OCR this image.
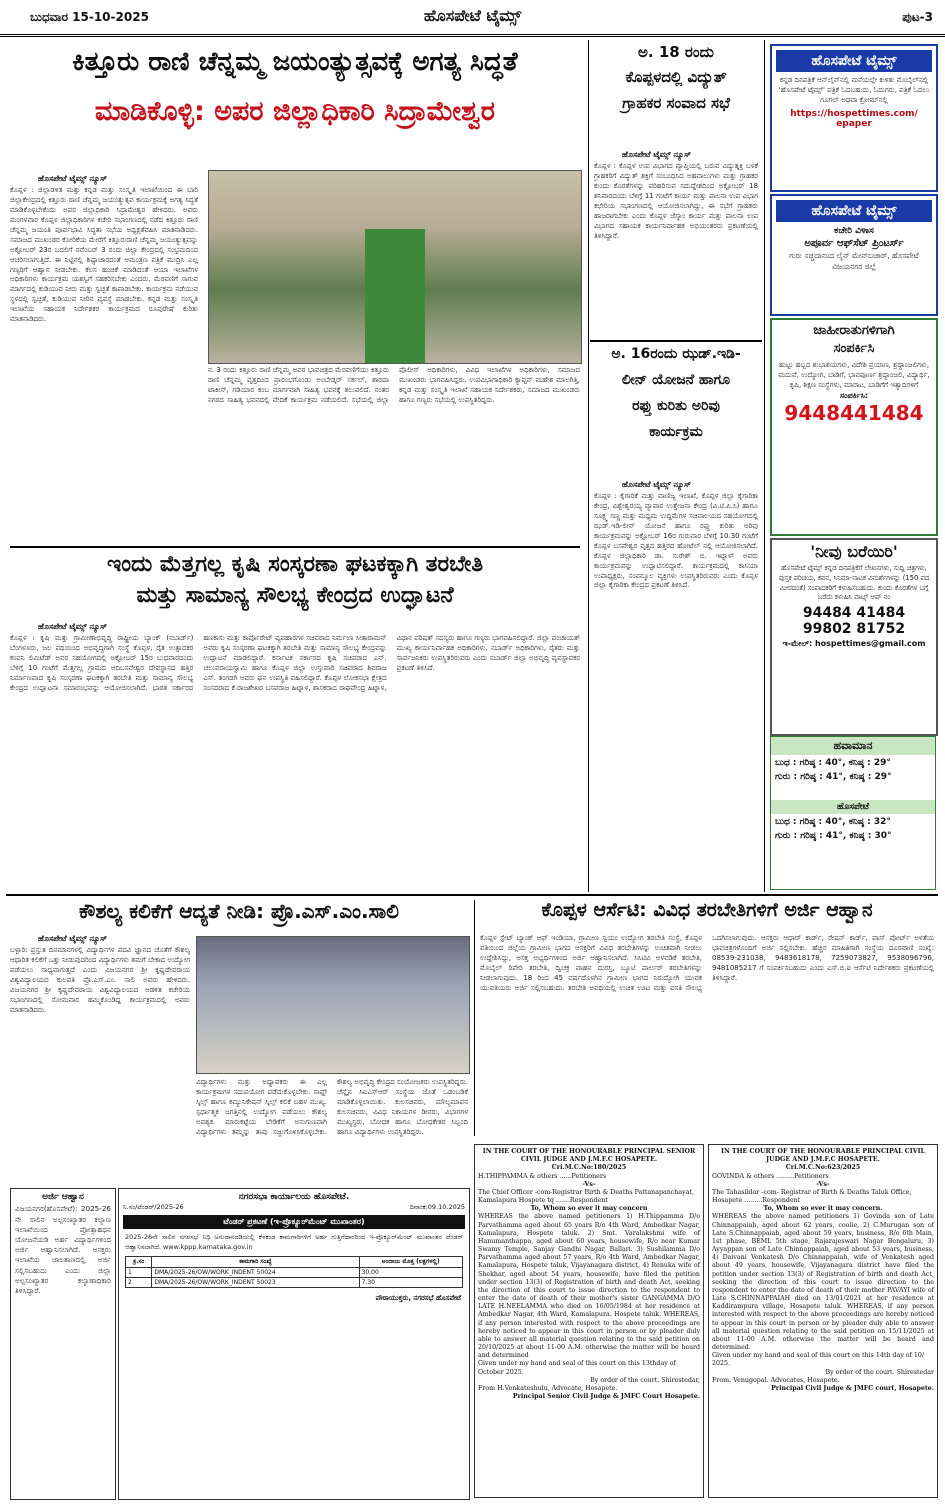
ಬುಧವಾರ 15-10-2025	ಹೊಸಪೇಟೆ ಟೈಮ್ಸ್	ಪುಟ-3
ಕಿತ್ತೂರು ರಾಣಿ ಚೆನ್ನಮ್ಮ ಜಯಂತ್ಯುತ್ಸವಕ್ಕೆ ಅಗತ್ಯ ಸಿದ್ಧತೆ
ಮಾಡಿಕೊಳ್ಳಿ: ಅಪರ ಜಿಲ್ಲಾಧಿಕಾರಿ ಸಿದ್ರಾಮೇಶ್ವರ
ಹೊಸಪೇಟೆ ಟೈಮ್ಸ್ ನ್ಯೂಸ್
ಕೊಪ್ಪಳ : ಜಿಲ್ಲಾಡಳಿತ ಮತ್ತು ಕನ್ನಡ ಮತ್ತು ಸಂಸ್ಕೃತಿ ಇಲಾಖೆಯಿಂದ ಈ ಬಾರಿ ಜಿಲ್ಲಾಕೇಂದ್ರದಲ್ಲಿ ಕಿತ್ತೂರು ರಾಣಿ ಚೆನ್ನಮ್ಮ ಜಯಂತ್ಯುತ್ಸವ ಕಾರ್ಯಕ್ರಮಕ್ಕೆ ಅಗತ್ಯ ಸಿದ್ಧತೆ ಮಾಡಿಕೊಳ್ಳಬೇಕೆಂದು ಅಪರ ಜಿಲ್ಲಾಧಿಕಾರಿ ಸಿದ್ರಾಮೇಶ್ವರ ಹೇಳಿದರು. ಅವರು ಮಂಗಳವಾರ ಕೊಪ್ಪಳ ಜಿಲ್ಲಾಧಿಕಾರಿಗಳ ಕಚೇರಿ ಸಭಾಂಗಣದಲ್ಲಿ ನಡೆದ ಕಿತ್ತೂರು ರಾಣಿ ಚೆನ್ನಮ್ಮ ಜಯಂತಿ ಪೂರ್ವಭಾವಿ ಸಿದ್ಧತಾ ಸಭೆಯ ಅಧ್ಯಕ್ಷತೆವಹಿಸಿ ಮಾತನಾಡಿದರು. ಸಮಾಜದ ಮುಖಂಡರ ಕೋರಿಕೆಯ ಮೇರೆಗೆ ಕಿತ್ತೂರುರಾಣಿ ಚೆನ್ನಮ್ಮ ಜಯಂತ್ಯುತ್ಸವನ್ನು ಅಕ್ಟೋಬರ್ 23ರ ಬದಲಿಗೆ ನವೆಂಬರ್ 3 ರಂದು ಜಿಲ್ಲಾ ಕೇಂದ್ರದಲ್ಲಿ ಸಂಭ್ರಮದಿಂದ ಆಚರಿಸಲಾಗುತ್ತಿದೆ. ಈ ನಿಟ್ಟಿನಲ್ಲಿ ಶಿಷ್ಟಾಚಾರದಂತೆ ಆಮಂತ್ರಣ ಪತ್ರಿಕೆ ಮುದ್ರಿಸಿ ಎಲ್ಲ ಗಣ್ಯರಿಗೆ ಆಹ್ವಾನ ನೀಡಬೇಕು. ಕೆಲಸ ಹಂಚಿಕೆ ಮಾಡಿದಂತೆ ಆಯಾ ಇಲಾಖೆಗಳ ಅಧಿಕಾರಿಗಳು ಕಾರ್ಯಕ್ರಮ ಯಶಸ್ವಿಗೆ ಸಹಕರಿಸಬೇಕು ಎಂದರು. ಮೆರವಣಿಗೆ ಸಾಗುವ ಮಾರ್ಗದಲ್ಲಿ ಕುಡಿಯುವ ನೀರು ಮತ್ತು ಸ್ವಚ್ಛತೆ ಕಾಪಾಡಬೇಕು. ಕಾರ್ಯಕ್ರಮ ನಡೆಯುವ ಸ್ಥಳದಲ್ಲಿ ಸ್ವಚ್ಛತೆ, ಕುಡಿಯುವ ನೀರಿನ ವ್ಯವಸ್ಥೆ ಮಾಡಬೇಕು. ಕನ್ನಡ ಮತ್ತು ಸಂಸ್ಕೃತಿ ಇಲಾಖೆಯ ಸಹಾಯಕ ನಿರ್ದೇಶಕರ ಕಾರ್ಯಕ್ರಮದ ರೂಪುರೇಷೆ ಕುರಿತು ಮಾತನಾಡಿದರು.
ನ. 3 ರಂದು ಕಿತ್ತೂರು ರಾಣಿ ಚೆನ್ನಮ್ಮ ಅವರ ಭಾವಚಿತ್ರದ ಮೆರವಣಿಗೆಯು ಕಿತ್ತೂರು ರಾಣಿ ಚೆನ್ನಮ್ಮ ವೃತ್ತದಿಂದ ಪ್ರಾರಂಭಗೊಂಡು ಅಂಬೇಡ್ಕರ್ ಸರ್ಕಲ್, ಶಾರದಾ ಟಾಕೀಸ್, ಗಡಿಯಾರ ಕಂಬ ಮಾರ್ಗವಾಗಿ ಸಾಹಿತ್ಯ ಭವನಕ್ಕೆ ತಲುಪಲಿದೆ. ನಂತರ ನಗರದ ಸಾಹಿತ್ಯ ಭವನದಲ್ಲಿ ವೇದಿಕೆ ಕಾರ್ಯಕ್ರಮ ನಡೆಯಲಿದೆ. ಸಭೆಯಲ್ಲಿ ಜಿಲ್ಲಾ ಪೊಲೀಸ್ ಅಧಿಕಾರಿಗಳು, ವಿವಿಧ ಇಲಾಖೆಗಳ ಅಧಿಕಾರಿಗಳು, ಸಮಾಜದ ಮುಖಂಡರು ಭಾಗವಹಿಸಿದ್ದರು. ಉಪವಿಭಾಗಾಧಿಕಾರಿ ಕ್ಯಾಪ್ಟನ್ ಮಹೇಶ ಮಾಲಗಿತ್ತಿ, ಕನ್ನಡ ಮತ್ತು ಸಂಸ್ಕೃತಿ ಇಲಾಖೆ ಸಹಾಯಕ ನಿರ್ದೇಶಕರು, ಸಮಾಜದ ಮುಖಂಡರು ಹಾಗೂ ಗಣ್ಯರು ಸಭೆಯಲ್ಲಿ ಉಪಸ್ಥಿತರಿದ್ದರು.
ಇಂದು ಮೆತ್ತಗಲ್ಲ ಕೃಷಿ ಸಂಸ್ಕರಣಾ ಘಟಕಕ್ಕಾಗಿ ತರಬೇತಿ
ಮತ್ತು ಸಾಮಾನ್ಯ ಸೌಲಭ್ಯ ಕೇಂದ್ರದ ಉದ್ಘಾಟನೆ
ಹೊಸಪೇಟೆ ಟೈಮ್ಸ್ ನ್ಯೂಸ್
ಕೊಪ್ಪಳ : ಕೃಷಿ ಮತ್ತು ಗ್ರಾಮೀಣಾಭಿವೃದ್ಧಿ ರಾಷ್ಟ್ರೀಯ ಬ್ಯಾಂಕ್ (ನಬಾರ್ಡ್) ಬೆಂಗಳೂರು, ಜಲ ಪಥಿಯಿಂದ ಅಭಿವೃದ್ಧಿಗಾಗಿ ಸಂಸ್ಥೆ ಕೊಪ್ಪಳ, ರೈತ ಉತ್ಪಾದಕರ ಕಂಪನಿ ಲಿಮಿಟೆಡ್ ಅವರ ಸಹಯೋಗದಲ್ಲಿ ಅಕ್ಟೋಬರ್ 15ರ ಬುಧವಾರದಂದು ಬೆಳಿಗ್ಗೆ 10 ಗಂಟೆಗೆ ಮೆತ್ತಗಲ್ಲ ಗ್ರಾಮದ ಆದಿಬಸವೇಶ್ವರ ದೇವಸ್ಥಾನದ ಹತ್ತಿರ ನಿರ್ಮಾಣವಾದ ಕೃಷಿ ಸಂಸ್ಕರಣಾ ಘಟಕಕ್ಕಾಗಿ ತರಬೇತಿ ಮತ್ತು ಸಾಮಾನ್ಯ ಸೌಲಭ್ಯ ಕೇಂದ್ರದ ಉದ್ಘಾಟನಾ ಸಮಾರಂಭವನ್ನು ಆಯೋಜಿಸಲಾಗಿದೆ. ಭಾರತ ಸರ್ಕಾರದ ಹಣಕಾಸು ಮತ್ತು ಕಾರ್ಪೊರೇಟ್ ವ್ಯವಹಾರಗಳ ಸಚಿವರಾದ ನಿರ್ಮಲಾ ಸೀತಾರಾಮನ್ ಅವರು ಕೃಷಿ ಸಂಸ್ಕರಣಾ ಘಟಕಕ್ಕಾಗಿ ತರಬೇತಿ ಮತ್ತು ಸಾಮಾನ್ಯ ಸೌಲಭ್ಯ ಕೇಂದ್ರವನ್ನು ಉದ್ಘಾಟನೆ ಮಾಡಲಿದ್ದಾರೆ. ಕರ್ನಾಟಕ ಸರ್ಕಾರದ ಕೃಷಿ ಸಚಿವರಾದ ಎನ್. ಚಲುವರಾಯಸ್ವಾಮಿ ಹಾಗೂ ಕೊಪ್ಪಳ ಜಿಲ್ಲಾ ಉಸ್ತುವಾರಿ ಸಚಿವರಾದ ಶಿವರಾಜ ಎಸ್. ತಂಗಡಗಿ ಅವರು ಘನ ಉಪಸ್ಥಿತಿ ವಹಿಸಲಿದ್ದಾರೆ. ಕೊಪ್ಪಳ ಲೋಕಸಭಾ ಕ್ಷೇತ್ರದ ಸಂಸದರಾದ ಕೆ.ರಾಜಶೇಖರ ಬಸವರಾಜ ಹಿಟ್ನಾಳ, ಶಾಸಕರಾದ ರಾಘವೇಂದ್ರ ಹಿಟ್ನಾಳ, ವಿಧಾನ ಪರಿಷತ್ ಸದಸ್ಯರು ಹಾಗೂ ಗಣ್ಯರು ಭಾಗವಹಿಸಲಿದ್ದಾರೆ. ಜಿಲ್ಲಾ ಪಂಚಾಯತ್ ಮುಖ್ಯ ಕಾರ್ಯನಿರ್ವಾಹಕ ಅಧಿಕಾರಿಗಳು, ನಬಾರ್ಡ್ ಅಧಿಕಾರಿಗಳು, ರೈತರು ಮತ್ತು ಸಾರ್ವಜನಿಕರು ಉಪಸ್ಥಿತರಿರುವರು ಎಂದು ನಬಾರ್ಡ್ ಜಿಲ್ಲಾ ಅಭಿವೃದ್ಧಿ ವ್ಯವಸ್ಥಾಪಕರ ಪ್ರಕಟಣೆ ತಿಳಿಸಿದೆ.
ಅ. 18 ರಂದು
ಕೊಪ್ಪಳದಲ್ಲಿ ವಿದ್ಯುತ್
ಗ್ರಾಹಕರ ಸಂವಾದ ಸಭೆ
ಹೊಸಪೇಟೆ ಟೈಮ್ಸ್ ನ್ಯೂಸ್
ಕೊಪ್ಪಳ : ಕೊಪ್ಪಳ ಉಪ ವಿಭಾಗದ ವ್ಯಾಪ್ತಿಯಲ್ಲಿ ಬರುವ ವಿದ್ಯುತ್ಶಕ್ತಿ ಬಳಕೆ ಗ್ರಾಹಕರಿಗೆ ವಿದ್ಯುತ್ ಶಕ್ತಿಗೆ ಸಂಬಂಧಿಸಿದ ಅಹವಾಲುಗಳು ಮತ್ತು ಗ್ರಾಹಕರ ಕುಂದು ಕೊರತೆಗಳನ್ನು ಪರಿಹರಿಸುವ ಸದುದ್ದೇಶದಿಂದ ಅಕ್ಟೋಬರ್ 18 ಶನಿವಾರದಂದು ಬೆಳಿಗ್ಗೆ 11 ಗಂಟೆಗೆ ಕಾರ್ಯ ಮತ್ತು ಪಾಲನಾ ಉಪ ವಿಭಾಗ ಕಛೇರಿಯ ಸಭಾಂಗಣದಲ್ಲಿ ಆಯೋಜಿಸಲಾಗಿದ್ದು, ಈ ಸಭೆಗೆ ಗ್ರಾಹಕರು ಹಾಜರಾಗಬೇಕು ಎಂದು ಕೊಪ್ಪಳ ಜೆಸ್ಕಾಂ ಕಾರ್ಯ ಮತ್ತು ಪಾಲನಾ ಉಪ ವಿಭಾಗದ ಸಹಾಯಕ ಕಾರ್ಯನಿರ್ವಾಹಕ ಅಭಿಯಂತರರು ಪ್ರಕಟಣೆಯಲ್ಲಿ ತಿಳಿಸಿದ್ದಾರೆ.
ಅ. 16ರಂದು ಝಡ್.ಇಡಿ-
ಲೀನ್ ಯೋಜನೆ ಹಾಗೂ
ರಫ್ತು ಕುರಿತು ಅರಿವು
ಕಾರ್ಯಕ್ರಮ
ಹೊಸಪೇಟೆ ಟೈಮ್ಸ್ ನ್ಯೂಸ್
ಕೊಪ್ಪಳ : ಕೈಗಾರಿಕೆ ಮತ್ತು ವಾಣಿಜ್ಯ ಇಲಾಖೆ, ಕೊಪ್ಪಳ ಜಿಲ್ಲಾ ಕೈಗಾರಿಕಾ ಕೇಂದ್ರ, ವಿಶ್ವೇಶ್ವರಯ್ಯ ವ್ಯಾಪಾರ ಉತ್ತೇಜನಾ ಕೇಂದ್ರ (ವಿ.ಟಿ.ಪಿ.ಸಿ) ಹಾಗೂ ಸೂಕ್ಷ್ಮ ಸಣ್ಣ ಮತ್ತು ಮಧ್ಯಮ ಉದ್ದಿಮೆಗಳ ಸಚಿವಾಲಯದ ಸಹಯೋಗದಲ್ಲಿ ಝಡ್.ಇಡಿ-ಲೀನ್ ಯೋಜನೆ ಹಾಗೂ ರಫ್ತು ಕುರಿತು ಅರಿವು ಕಾರ್ಯಕ್ರಮವನ್ನು ಅಕ್ಟೋಬರ್ 16ರ ಗುರುವಾರ ಬೆಳಿಗ್ಗೆ 10.30 ಗಂಟೆಗೆ ಕೊಪ್ಪಳ ಬಸವೇಶ್ವರ ವೃತ್ತದ ಹತ್ತಿರದ ಹೋಟೆಲ್ ನಲ್ಲಿ ಆಯೋಜಿಸಲಾಗಿದೆ. ಕೊಪ್ಪಳ ಜಿಲ್ಲಾಧಿಕಾರಿ ಡಾ. ಸುರೇಶ್ ಬಿ. ಇಟ್ನಾಳ್ ಅವರು ಕಾರ್ಯಕ್ರಮವನ್ನು ಉದ್ಘಾಟಿಸಲಿದ್ದಾರೆ. ಕಾರ್ಯಕ್ರಮದಲ್ಲಿ ಕಾಸಿಯಾ ಉಪಾಧ್ಯಕ್ಷರು, ಸಂಪನ್ಮೂಲ ವ್ಯಕ್ತಿಗಳು ಉಪಸ್ಥಿತರಿರುವರು ಎಂದು ಕೊಪ್ಪಳ ಜಿಲ್ಲಾ ಕೈಗಾರಿಕಾ ಕೇಂದ್ರದ ಪ್ರಕಟಣೆ ತಿಳಿಸಿದೆ.
ಹೊಸಪೇಟೆ ಟೈಮ್ಸ್
ಕನ್ನಡ ದಿನಪತ್ರಿಕೆ ಆನ್‌ಲೈನ್‌ನಲ್ಲಿ ಮನೆಯಲ್ಲೇ ಕುಳಿತು ಮೊಬೈಲ್‌ನಲ್ಲಿ 'ಹೊಸಪೇಟೆ ಟೈಮ್ಸ್' ಪತ್ರಿಕೆ ಓದಬಹುದು, ಓದುಗರು, ಪತ್ರಿಕೆ ಓದಲು ಗೂಗಲ್ ಅಥವಾ ಕ್ರೋಮ್‌ನಲ್ಲಿ
https://hospettimes.com/
epaper
ಹೊಸಪೇಟೆ ಟೈಮ್ಸ್
ಕಚೇರಿ ವಿಳಾಸ
ಅಪೂರ್ವ ಆಫ್‌ಸೆಟ್ ಪ್ರಿಂಟರ್ಸ್
ಗುರು ಸಚ್ಚಿದಾನಂದ ಲೈನ್ ಮೇನ್‌ಬಜಾರ್, ಹೊಸಪೇಟೆ ವಿಜಯನಗರ ಜಿಲ್ಲೆ
ಜಾಹೀರಾತುಗಳಿಗಾಗಿ
ಸಂಪರ್ಕಿಸಿ
ಹುಟ್ಟು ಹಬ್ಬದ ಶುಭಾಶಯಗಳು, ವಿದೇಶಿ ಪ್ರಯಾಣ, ಶ್ರದ್ಧಾಂಜಲಿಗಳು, ಮದುವೆ, ಉದ್ಯೋಗ, ಬಾಡಿಗೆ, ಭಾವಪೂರ್ಣ ಶ್ರದ್ಧಾಂಜಲಿ, ವಿದ್ಯಾರ್ಥಿ, ಕೃಷಿ, ಶಿಕ್ಷಣ ಸಂಸ್ಥೆಗಳು, ಮಾರಾಟ, ಬಾಡಿಗೆಗೆ ಇತ್ಯಾದಿಗಳಿಗೆ
ಸಂಪರ್ಕಿಸಿ:
9448441484
'ನೀವು ಬರೆಯಿರಿ'
ಹೊಸಪೇಟೆ ಟೈಮ್ಸ್ ಕನ್ನಡ ದಿನಪತ್ರಿಕೆಗೆ ಲೇಖನಗಳು, ಸುದ್ದಿ ಚಿತ್ರಗಳು, ಪುಸ್ತಕ ಪರಿಚಯ, ಕವನ, ಸಿನಿಮಾ-ನಾಟಕ ವಿಮರ್ಶೆಗಳನ್ನು (150 ಪದ ಮೀರದಂತೆ) ಸಂಪಾದಕರಿಗೆ ಕಳುಹಿಸಬಹುದು. ಕುಂದು ಕೊರತೆಗಳ ಬಗ್ಗೆ ಬರೆದು ಕಳುಹಿಸಿ ವಾಟ್ಸ್ ಆಪ್ ನಂ
94484 41484
99802 81752
ಇ-ಮೇಲ್: hospettimes@gmail.com
ಹವಾಮಾನ
ಬುಧ : ಗರಿಷ್ಠ : 40°, ಕನಿಷ್ಠ : 29°
ಗುರು : ಗರಿಷ್ಠ : 41°, ಕನಿಷ್ಠ : 29°
ಹೊಸಪೇಟೆ
ಬುಧ : ಗರಿಷ್ಠ : 40°, ಕನಿಷ್ಠ : 32°
ಗುರು : ಗರಿಷ್ಠ : 41°, ಕನಿಷ್ಠ : 30°
ಕೌಶಲ್ಯ ಕಲಿಕೆಗೆ ಆದ್ಯತೆ ನೀಡಿ: ಪ್ರೊ.ಎಸ್.ಎಂ.ಸಾಲಿ
ಹೊಸಪೇಟೆ ಟೈಮ್ಸ್ ನ್ಯೂಸ್
ಬಳ್ಳಾರಿ: ಪ್ರಸ್ತುತ ದಿನಮಾನಗಳಲ್ಲಿ ವಿದ್ಯಾರ್ಥಿಗಳ ಪದವಿ ಜ್ಞಾನದ ಜೊತೆಗೆ ಕೌಶಲ್ಯ ಆಧಾರಿತ ಕಲಿಕೆಗೆ ಒತ್ತು ನೀಡುವುದರಿಂದ ವಿದ್ಯಾರ್ಥಿಗಳು ತಮಗೆ ಬೇಕಾದ ಉದ್ಯೋಗ ಪಡೆಯಲು ಸಾಧ್ಯವಾಗುತ್ತದೆ ಎಂದು ವಿಜಯನಗರ ಶ್ರೀ ಕೃಷ್ಣದೇವರಾಯ ವಿಶ್ವವಿದ್ಯಾಲಯದ ಕುಲಪತಿ ಪ್ರೊ.ಎಸ್.ಎಂ. ಸಾಲಿ ಅವರು ಹೇಳಿದರು. ವಿಜಯನಗರ ಶ್ರೀ ಕೃಷ್ಣದೇವರಾಯ ವಿಶ್ವವಿದ್ಯಾಲಯದ ಆಡಳಿತ ಕಚೇರಿಯ ಸಭಾಂಗಣದಲ್ಲಿ ಸೋಮವಾರ ಹಮ್ಮಿಕೊಂಡಿದ್ದ ಕಾರ್ಯಕ್ರಮದಲ್ಲಿ ಅವರು ಮಾತನಾಡಿದರು.
ವಿದ್ಯಾರ್ಥಿಗಳು ಮತ್ತು ಅಧ್ಯಾಪಕರು ಈ ಎಲ್ಲ ಕಾರ್ಯಕ್ರಮಗಳ ಸದುಪಯೋಗ ಪಡೆದುಕೊಳ್ಳಬೇಕು. ಸಾಫ್ಟ್ ಸ್ಕಿಲ್ಸ್ ಹಾಗೂ ಕಮ್ಯುನಿಕೇಷನ್ ಸ್ಕಿಲ್ಸ್ ಕಲಿಕೆ ಬಹಳ ಮುಖ್ಯ. ಸ್ಪರ್ಧಾತ್ಮಕ ಜಗತ್ತಿನಲ್ಲಿ ಉದ್ಯೋಗ ಪಡೆಯಲು ಕೌಶಲ್ಯ ಅವಶ್ಯಕ. ಮಾರುಕಟ್ಟೆಯ ಬೇಡಿಕೆಗೆ ಅನುಗುಣವಾಗಿ ವಿದ್ಯಾರ್ಥಿಗಳು ತಮ್ಮನ್ನು ತಾವು ಸಜ್ಜುಗೊಳಿಸಿಕೊಳ್ಳಬೇಕು. ಕೌಶಲ್ಯ ಅಭಿವೃದ್ಧಿ ಕೇಂದ್ರದ ಸಂಯೋಜಕರು ಉಪಸ್ಥಿತರಿದ್ದರು. ಚೆನ್ನೈನ ಸಿಐಎಸ್ಆರ್ ಸಂಸ್ಥೆಯ ಜೊತೆ ಒಡಂಬಡಿಕೆ ಮಾಡಿಕೊಳ್ಳಲಾಯಿತು. ಕುಲಸಚಿವರು, ಮೌಲ್ಯಮಾಪನ ಕುಲಸಚಿವರು, ವಿವಿಧ ನಿಕಾಯಗಳ ಡೀನರು, ವಿಭಾಗಗಳ ಮುಖ್ಯಸ್ಥರು, ಬೋಧಕ ಹಾಗೂ ಬೋಧಕೇತರ ಸಿಬ್ಬಂದಿ ಹಾಗೂ ವಿದ್ಯಾರ್ಥಿಗಳು ಉಪಸ್ಥಿತರಿದ್ದರು.
ಕೊಪ್ಪಳ ಆರ್ಸೆಟಿ: ವಿವಿಧ ತರಬೇತಿಗಳಿಗೆ ಅರ್ಜಿ ಆಹ್ವಾನ
ಕೊಪ್ಪಳ ಸ್ಟೇಟ್ ಬ್ಯಾಂಕ್ ಆಫ್ ಇಂಡಿಯಾ, ಗ್ರಾಮೀಣ ಸ್ವಯಂ ಉದ್ಯೋಗ ತರಬೇತಿ ಸಂಸ್ಥೆ, ಕೊಪ್ಪಳ ವತಿಯಿಂದ ಜಿಲ್ಲೆಯ ಗ್ರಾಮೀಣ ಭಾಗದ ಆಸಕ್ತರಿಗೆ ವಿವಿಧ ತರಬೇತಿಗಳನ್ನು ಉಚಿತವಾಗಿ ನೀಡಲು ಉದ್ದೇಶಿಸಿದ್ದು, ಆಸಕ್ತ ಅಭ್ಯರ್ಥಿಗಳಿಂದ ಅರ್ಜಿ ಆಹ್ವಾನಿಸಲಾಗಿದೆ. ಸಿಸಿಟಿವಿ ಅಳವಡಿಕೆ ತರಬೇತಿ, ಮೊಬೈಲ್ ರಿಪೇರಿ ತರಬೇತಿ, ದ್ವಿಚಕ್ರ ವಾಹನ ದುರಸ್ತಿ, ಬ್ಯೂಟಿ ಪಾರ್ಲರ್ ತರಬೇತಿಗಳನ್ನು ನೀಡಲಾಗುವುದು. 18 ರಿಂದ 45 ವರ್ಷದೊಳಗಿನ ಗ್ರಾಮೀಣ ಭಾಗದ ನಿರುದ್ಯೋಗಿ ಯುವಕ ಯುವತಿಯರು ಅರ್ಜಿ ಸಲ್ಲಿಸಬಹುದು. ತರಬೇತಿ ಅವಧಿಯಲ್ಲಿ ಉಚಿತ ಊಟ ಮತ್ತು ವಸತಿ ಸೌಲಭ್ಯ ಒದಗಿಸಲಾಗುವುದು. ಆಸಕ್ತರು ಆಧಾರ್ ಕಾರ್ಡ್, ರೇಷನ್ ಕಾರ್ಡ್, ಪಾಸ್ ಪೋರ್ಟ್ ಅಳತೆಯ ಭಾವಚಿತ್ರಗಳೊಂದಿಗೆ ಅರ್ಜಿ ಸಲ್ಲಿಸಬೇಕು. ಹೆಚ್ಚಿನ ಮಾಹಿತಿಗಾಗಿ ಸಂಸ್ಥೆಯ ದೂರವಾಣಿ ಸಂಖ್ಯೆ: 08539-231038, 9483618178, 7259073827, 9538096796, 9481085217 ಗೆ ಸಂಪರ್ಕಿಸಬಹುದು ಎಂದು ಎಸ್.ಬಿ.ಐ ಆರ್ಸೆಟಿ ನಿರ್ದೇಶಕರು ಪ್ರಕಟಣೆಯಲ್ಲಿ ತಿಳಿಸಿದ್ದಾರೆ.
ಅರ್ಜಿ ಆಹ್ವಾನ
ವಿಜಯನಗರ(ಹೊಸಪೇಟೆ): 2025-26 ನೇ ಸಾಲಿನ ಅಲ್ಪಸಂಖ್ಯಾತರ ಕಲ್ಯಾಣ ಇಲಾಖೆಯಿಂದ ಪ್ರೋತ್ಸಾಹಧನ ಯೋಜನೆಯಡಿ ಅರ್ಹ ವಿದ್ಯಾರ್ಥಿಗಳಿಂದ ಅರ್ಜಿ ಆಹ್ವಾನಿಸಲಾಗಿದೆ. ಆಸಕ್ತರು ಇಲಾಖೆಯ ಜಾಲತಾಣದಲ್ಲಿ ಅರ್ಜಿ ಸಲ್ಲಿಸಬಹುದು ಎಂದು ಜಿಲ್ಲಾ ಅಲ್ಪಸಂಖ್ಯಾತರ ಕಲ್ಯಾಣಾಧಿಕಾರಿ ತಿಳಿಸಿದ್ದಾರೆ.
ನಗರಸಭಾ ಕಾರ್ಯಾಲಯ ಹೊಸಪೇಟೆ.
ನಿ.ಸಂ/ಟೆಂಡರ್/2025-26	ದಿನಾಂಕ:09.10.2025
ಟೆಂಡರ್ ಪ್ರಕಟಣೆ (ಇ-ಪ್ರೊಕ್ಯೂರ್‌ಮೆಂಟ್ ಮುಖಾಂತರ)
2025-26ನೇ ಸಾಲಿನ ನಗರಸಭೆ ನಿಧಿ ಅನುದಾನದಡಿಯಲ್ಲಿ ಕೆಳಕಂಡ ಕಾಮಗಾರಿಗಳಿಗೆ ಅರ್ಹ ಗುತ್ತಿಗೆದಾರರಿಂದ ಇ-ಪ್ರೊಕ್ಯೂರ್‌ಮೆಂಟ್ ಮುಖಾಂತರ ಟೆಂಡರ್ ಆಹ್ವಾನಿಸಲಾಗಿದೆ. www.kppp.karnataka.gov.in
ಕ್ರ.ಸಂ	ಕಾಮಗಾರಿ ಸಂಖ್ಯೆ	ಅಂದಾಜು ಮೊತ್ತ (ಲಕ್ಷಗಳಲ್ಲಿ)
1	DMA/2025-26/OW/WORK_INDENT 50024	30.00
2	DMA/2025-26/OW/WORK_INDENT 50023	7.30
ಪೌರಾಯುಕ್ತರು, ನಗರಸಭೆ ಹೊಸಪೇಟೆ
IN THE COURT OF THE HONOURABLE PRINCIPAL SENIOR CIVIL JUDGE AND J.M.F.C HOSAPETE.
Cri.M.C.No:180/2025
H.THIPPAMMA & others ......Petitioners
-Vs-
The Chief Officer -com-Registrar Birth & Deaths Pattanapanchayat, Kamalapura Hospete tq .......Respondent
To, Whom so ever it may concern
WHEREAS the above named petitioners 1) H.Thippamma D/o Parvathamma aged about 65 years R/o 4th Ward, Ambedkar Nagar, Kamalapura, Hospete taluk. 2) Smt. Varalakshmi wife of Hanumanthappa, aged about 60 years, housewife, R/o near Kumar Swamy Temple, Sanjay Gandhi Nagar, Ballari. 3) Sushilamma D/o Parvathamma aged about 57 years, R/o 4th Ward, Ambedkar Nagar, Kamalapura, Hospete taluk, Vijayanagara district, 4) Renuka wife of Shekhar, aged about 54 years, housewife, have filed the petition under section 13(3) of Registration of birth and death Act, seeking the direction of this court to issue direction to the respondent to enter the date of death of their mother's sister GANGAMMA D/O LATE H.NEELAMMA who died on 16/05/1984 at her residence at Ambedkar Nagar, 4th Ward, Kamalapura. Hospete taluk. WHEREAS, if any person interested with respect to the above proceedings are hereby noticed to appear in this court in person or by pleader duly able to answer all material question relating to the said petition on 20/10/2025 at about 11-00 A.M. otherwise the matter will be heard and determined
Given under my hand and seal of this court on this 13thday of October 2025.
By order of the court. Shirestedar,
From H.Venkateshulu, Advocate, Hosapete.
Principal Senior Civil Judge & JMFC Court Hosapete.
IN THE COURT OF THE HONOURABLE PRINCIPAL CIVIL JUDGE AND J.M.F.C HOSAPETE.
Cri.M.C.No:623/2025
GOVINDA & others .........Petitioners
-Vs-
The Tahasildar -com- Registrar of Birth & Deaths Taluk Office, Hosapete .........Respondent
To, Whom so ever it may concern.
WHEREAS the above named petitioners 1) Govinda son of Late Chinnappaiah, aged about 62 years, coolie, 2) C.Murugan son of Late S.Chinnappaiah, aged about 59 years, business, R/o 6th Main, 1st phase, BEML 5th stage, Rajarajeswari Nagar Bengaluru, 3) Ayyappan son of Late Chinnappaiah, aged about 53 years, business, 4) Daivani Venkatesh D/o Chinnappaiah, wife of Venkatesh aged about 49 years, housewife, Vijayanagara district have filed the petition under section 13(3) of Registration of birth and death Act, seeking the direction of this court to issue direction to the respondent to enter the date of death of their mother PAVAYI wife of Late S.CHINNAPPAIAH died on 13/01/2021 at her residence at Kaddirampura village, Hosapete taluk. WHEREAS, if any person interested with respect to the above proceedings are hereby noticed to appear in this court in person or by pleader duly able to answer all material question relating to the said petition on 15/11/2025 at about 11-00 A.M. otherwise the matter will be heard and determined.
Given under my hand and seal of this court on this 14th day of 10/ 2025.
By order of the court. Shirestedar
From. Venugopal. Advocates, Hosapete.
Principal Civil Judge & JMFC court, Hosapete.
